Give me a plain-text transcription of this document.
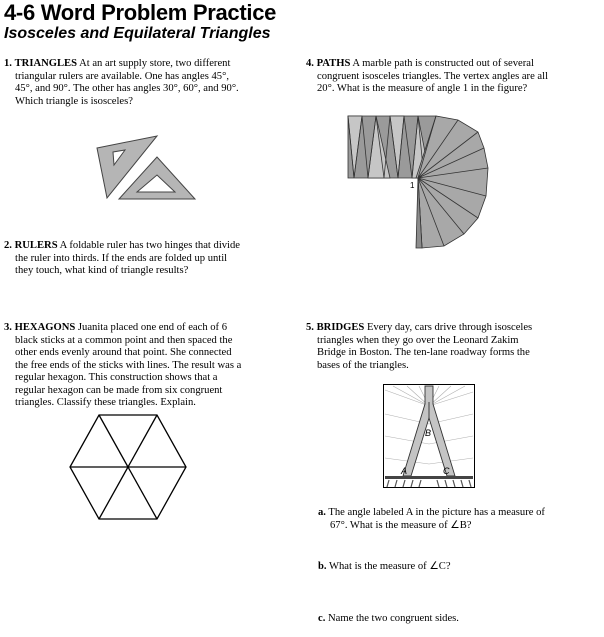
4-6 Word Problem Practice
Isosceles and Equilateral Triangles
1. TRIANGLES At an art supply store, two different
triangular rulers are available. One has angles 45°,
45°, and 90°. The other has angles 30°, 60°, and 90°.
Which triangle is isosceles?
2. RULERS A foldable ruler has two hinges that divide
the ruler into thirds. If the ends are folded up until
they touch, what kind of triangle results?
3. HEXAGONS Juanita placed one end of each of 6
black sticks at a common point and then spaced the
other ends evenly around that point. She connected
the free ends of the sticks with lines. The result was a
regular hexagon. This construction shows that a
regular hexagon can be made from six congruent
triangles. Classify these triangles. Explain.
4. PATHS A marble path is constructed out of several
congruent isosceles triangles. The vertex angles are all
20°. What is the measure of angle 1 in the figure?
1
5. BRIDGES Every day, cars drive through isosceles
triangles when they go over the Leonard Zakim
Bridge in Boston. The ten-lane roadway forms the
bases of the triangles.
B
A	C
a. The angle labeled A in the picture has a measure of
67°. What is the measure of ∠B?
b. What is the measure of ∠C?
c. Name the two congruent sides.
